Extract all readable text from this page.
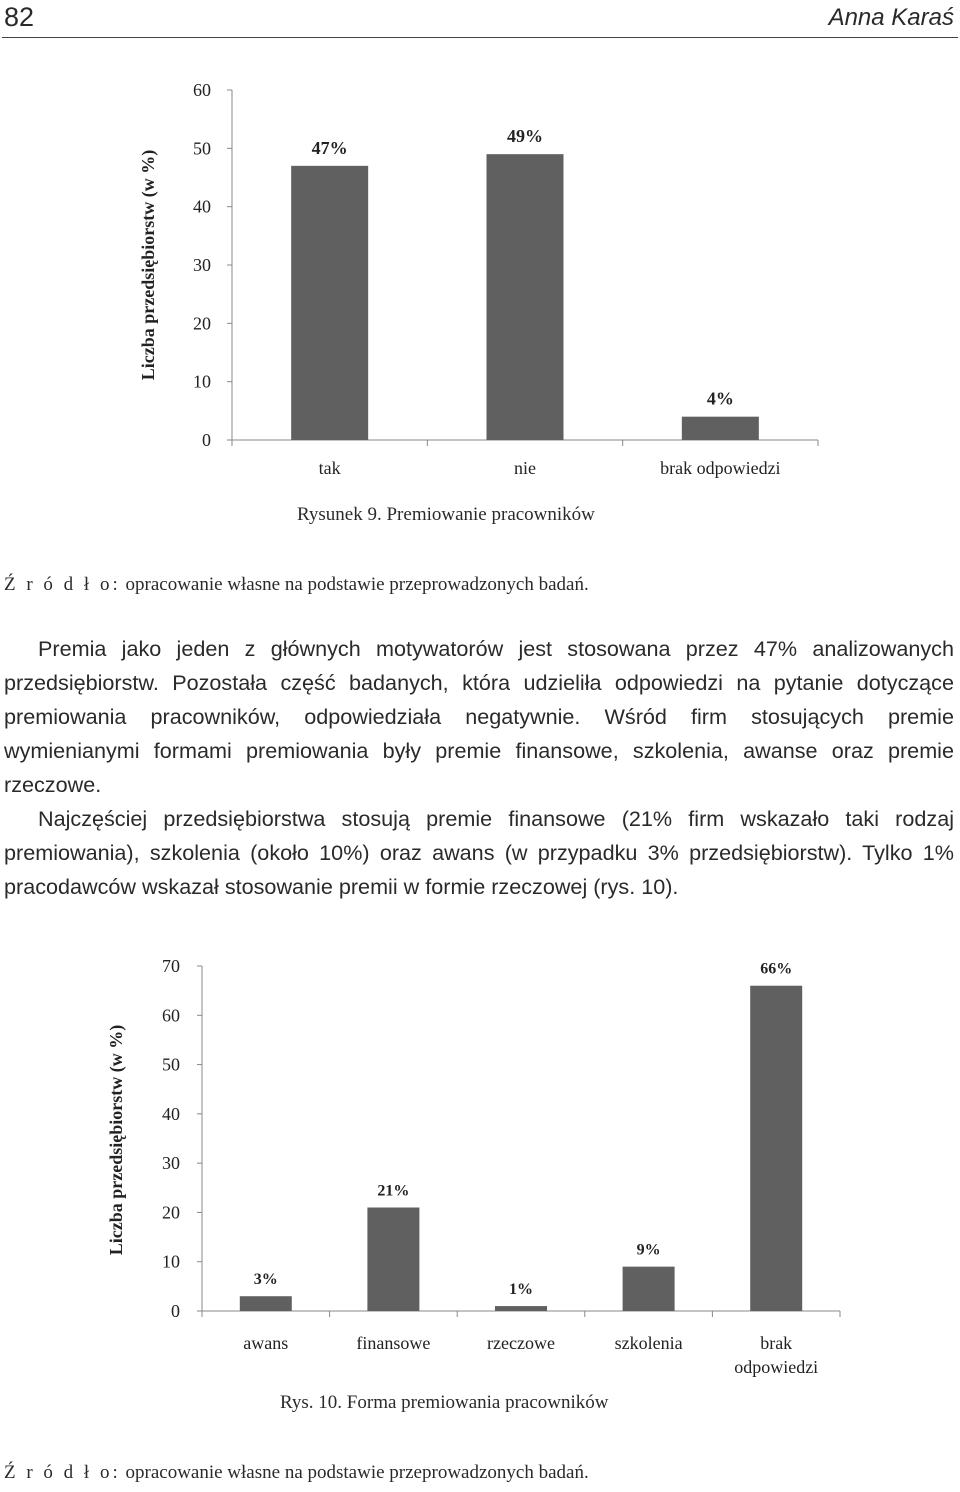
82	Anna Karaś
0
10
20
30
40
50
60
Liczba przedsiębiorstw (w %)
47%
tak
49%
nie
4%
brak odpowiedzi
Rysunek 9. Premiowanie pracowników
Ź r ó d ł o: opracowanie własne na podstawie przeprowadzonych badań.

Premia jako jeden z głównych motywatorów jest stosowana przez 47% analizowanych przedsiębiorstw. Pozostała część badanych, która udzieliła odpowiedzi na pytanie dotyczące premiowania pracowników, odpowiedziała negatywnie. Wśród firm stosujących premie wymienianymi formami premiowania były premie finansowe, szkolenia, awanse oraz premie rzeczowe.

Najczęściej przedsiębiorstwa stosują premie finansowe (21% firm wskazało taki rodzaj premiowania), szkolenia (około 10%) oraz awans (w przypadku 3% przedsiębiorstw). Tylko 1% pracodawców wskazał stosowanie premii w formie rzeczowej (rys. 10).

0
10
20
30
40
50
60
70
Liczba przedsiębiorstw (w %)
3%
awans
21%
finansowe
1%
rzeczowe
9%
szkolenia
66%
brak
odpowiedzi
Rys. 10. Forma premiowania pracowników
Ź r ó d ł o: opracowanie własne na podstawie przeprowadzonych badań.
